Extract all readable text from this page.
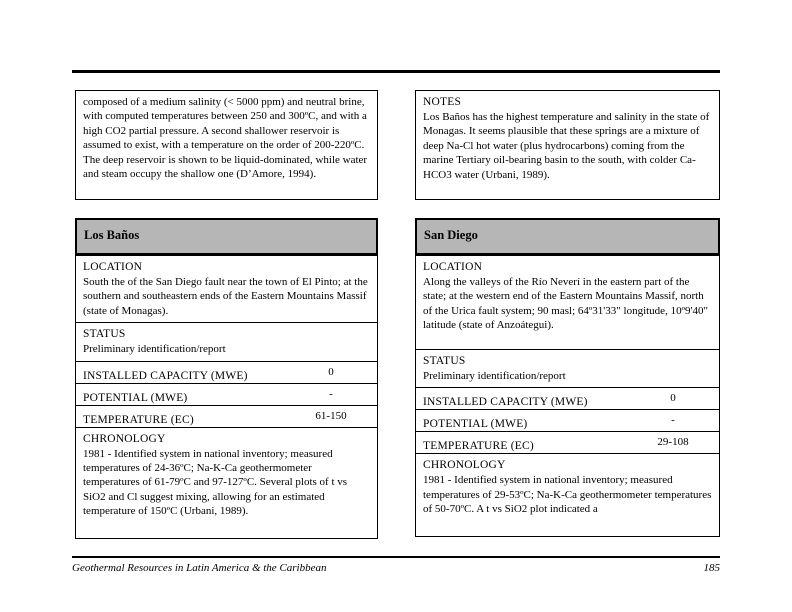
composed of a medium salinity (< 5000 ppm) and neutral brine, with computed temperatures between 250 and 300ºC, and with a high CO2 partial pressure. A second shallower reservoir is assumed to exist, with a temperature on the order of 200-220ºC. The deep reservoir is shown to be liquid-dominated, while water and steam occupy the shallow one (D’Amore, 1994).

Los Baños
LOCATION
South the of the San Diego fault near the town of El Pinto; at the southern and southeastern ends of the Eastern Mountains Massif (state of Monagas).
STATUS
Preliminary identification/report
INSTALLED CAPACITY (MWE)	0
POTENTIAL (MWE)	-
TEMPERATURE (EC)	61-150
CHRONOLOGY
1981 - Identified system in national inventory; measured temperatures of 24-36ºC; Na-K-Ca geothermometer temperatures of 61-79ºC and 97-127ºC. Several plots of t vs SiO2 and Cl suggest mixing, allowing for an estimated temperature of 150ºC (Urbani, 1989).
NOTES

Los Baños has the highest temperature and salinity in the state of Monagas. It seems plausible that these springs are a mixture of deep Na-Cl hot water (plus hydrocarbons) coming from the marine Tertiary oil-bearing basin to the south, with colder Ca-HCO3 water (Urbani, 1989).

San Diego
LOCATION
Along the valleys of the Río Neverí in the eastern part of the state; at the western end of the Eastern Mountains Massif, north of the Urica fault system; 90 masl; 64º31'33" longitude, 10º9'40" latitude (state of Anzoátegui).
STATUS
Preliminary identification/report
INSTALLED CAPACITY (MWE)	0
POTENTIAL (MWE)	-
TEMPERATURE (EC)	29-108
CHRONOLOGY
1981 - Identified system in national inventory; measured temperatures of 29-53ºC; Na-K-Ca geothermometer temperatures of 50-70ºC. A t vs SiO2 plot indicated a
Geothermal Resources in Latin America & the Caribbean	185
